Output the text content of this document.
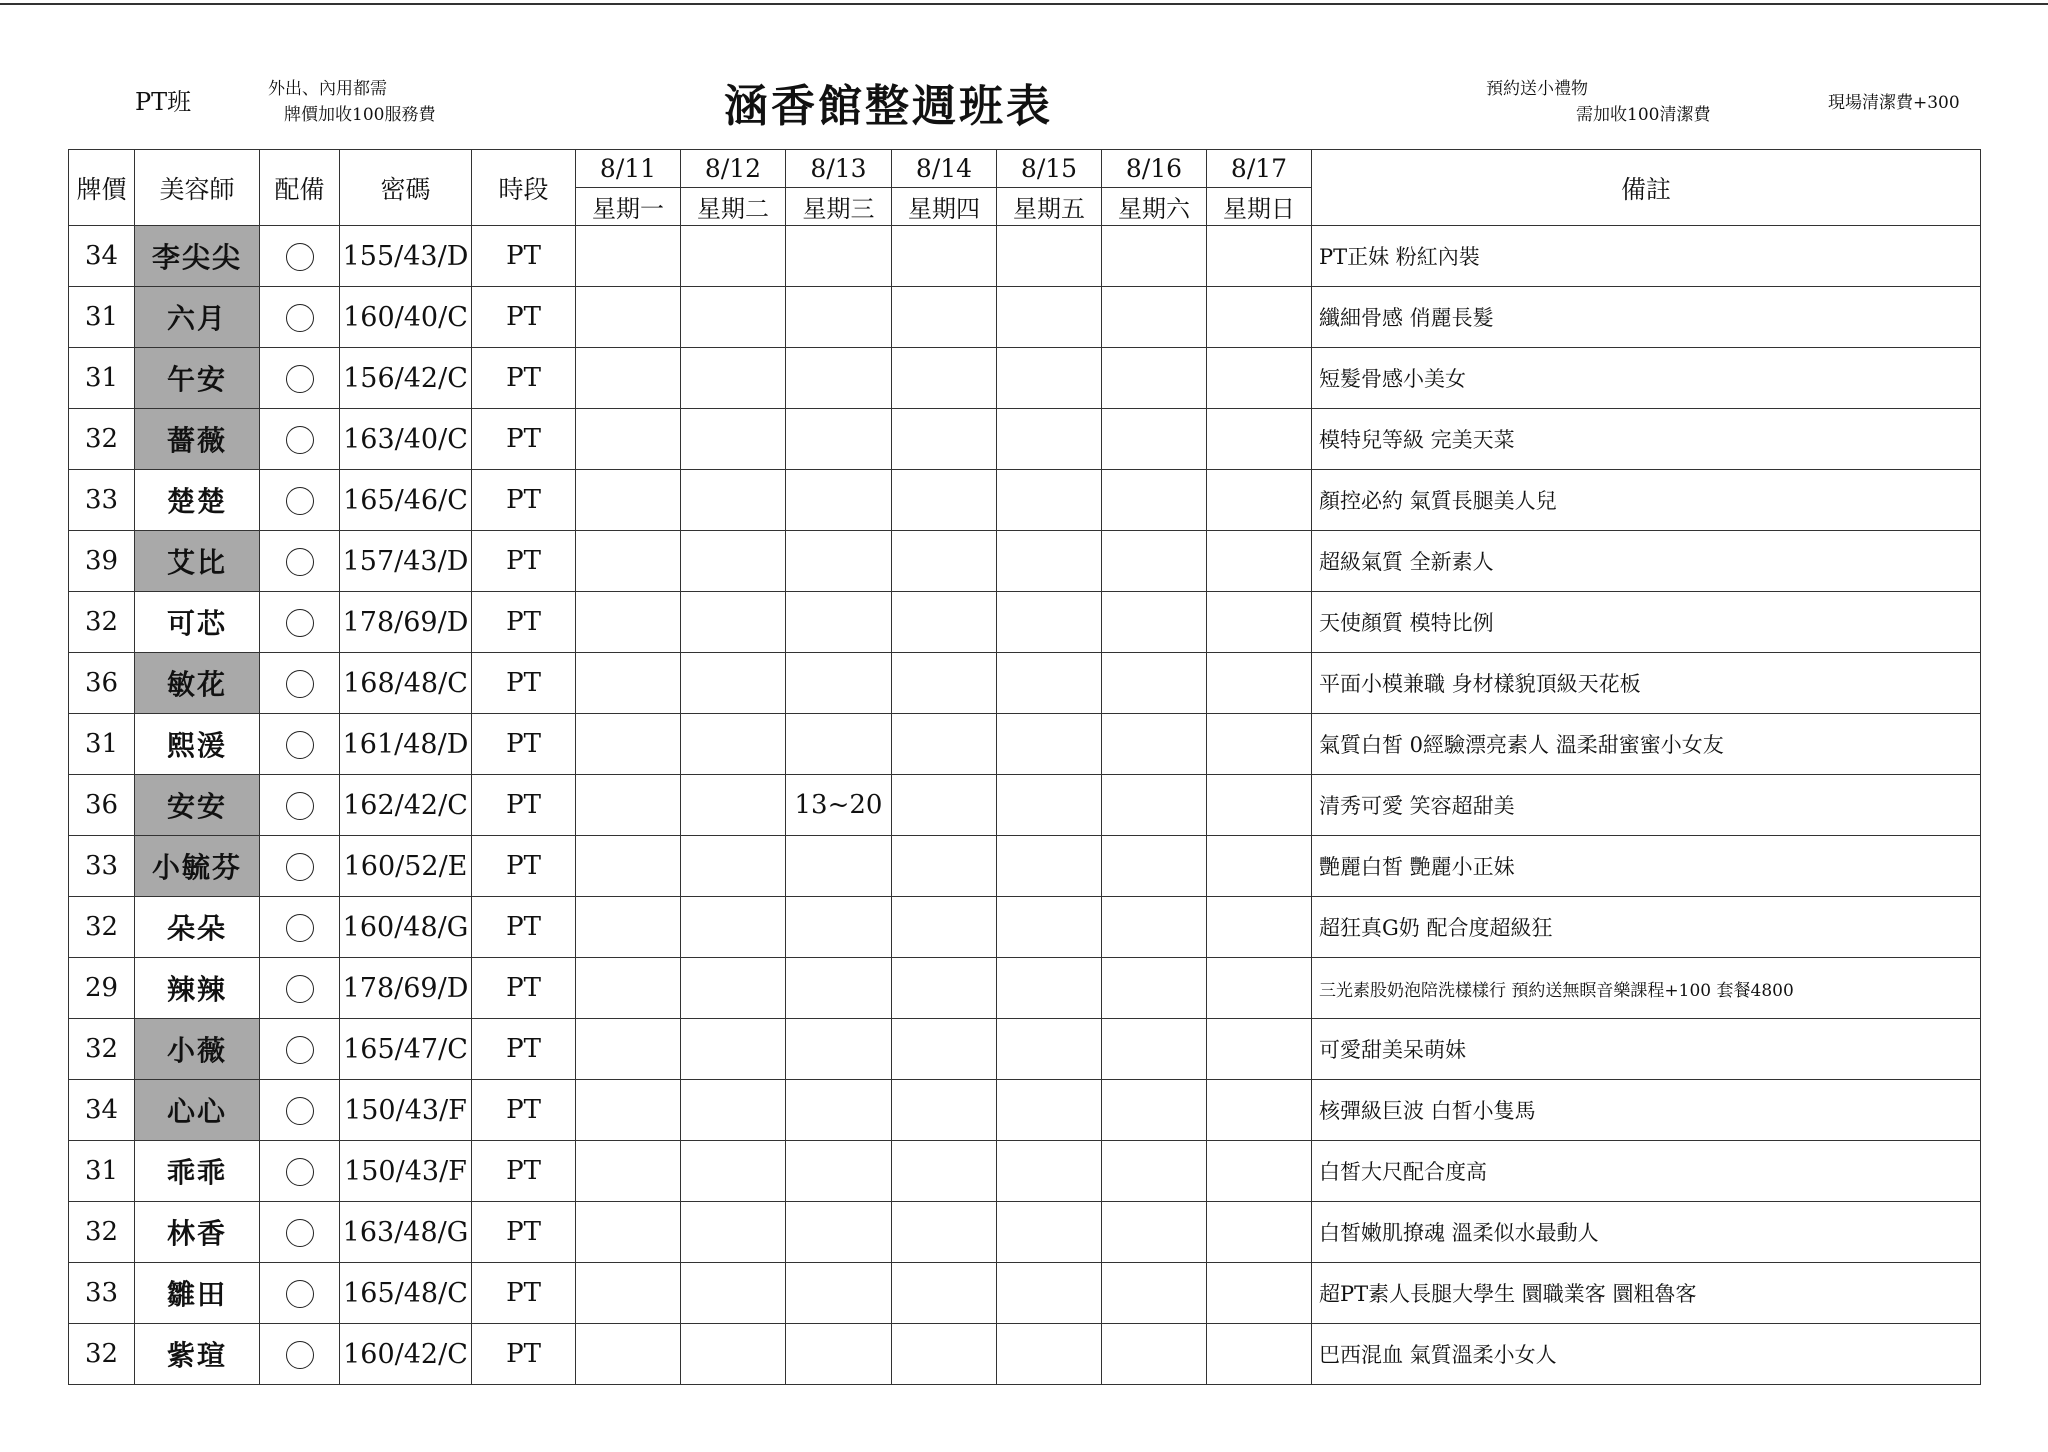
PT班	外出、內用都需
牌價加收100服務費	涵香館整週班表	預約送小禮物
需加收100清潔費
現場清潔費+300
牌價	美容師	配備	密碼	時段	8/11	8/12	8/13	8/14	8/15	8/16	8/17	備註
					星期一	星期二	星期三	星期四	星期五	星期六	星期日	
34	李尖尖		155/43/D	PT								PT正妹 粉紅內裝
31	六月		160/40/C	PT								纖細骨感 俏麗長髮
31	午安		156/42/C	PT								短髮骨感小美女
32	薔薇		163/40/C	PT								模特兒等級 完美天菜
33	楚楚		165/46/C	PT								顏控必約 氣質長腿美人兒
39	艾比		157/43/D	PT								超級氣質 全新素人
32	可芯		178/69/D	PT								天使顏質 模特比例
36	敏花		168/48/C	PT								平面小模兼職 身材樣貌頂級天花板
31	熙湲		161/48/D	PT								氣質白皙 0經驗漂亮素人 溫柔甜蜜蜜小女友
36	安安		162/42/C	PT			13~20					清秀可愛 笑容超甜美
33	小毓芬		160/52/E	PT								艷麗白皙 艷麗小正妹
32	朵朵		160/48/G	PT								超狂真G奶 配合度超級狂
29	辣辣		178/69/D	PT								三光素股奶泡陪洗樣樣行 預約送無瞑音樂課程+100 套餐4800
32	小薇		165/47/C	PT								可愛甜美呆萌妹
34	心心		150/43/F	PT								核彈級巨波 白皙小隻馬
31	乖乖		150/43/F	PT								白皙大尺配合度高
32	林香		163/48/G	PT								白皙嫩肌撩魂 溫柔似水最動人
33	雛田		165/48/C	PT								超PT素人長腿大學生 圜職業客 圜粗魯客
32	紫瑄		160/42/C	PT								巴西混血 氣質溫柔小女人
